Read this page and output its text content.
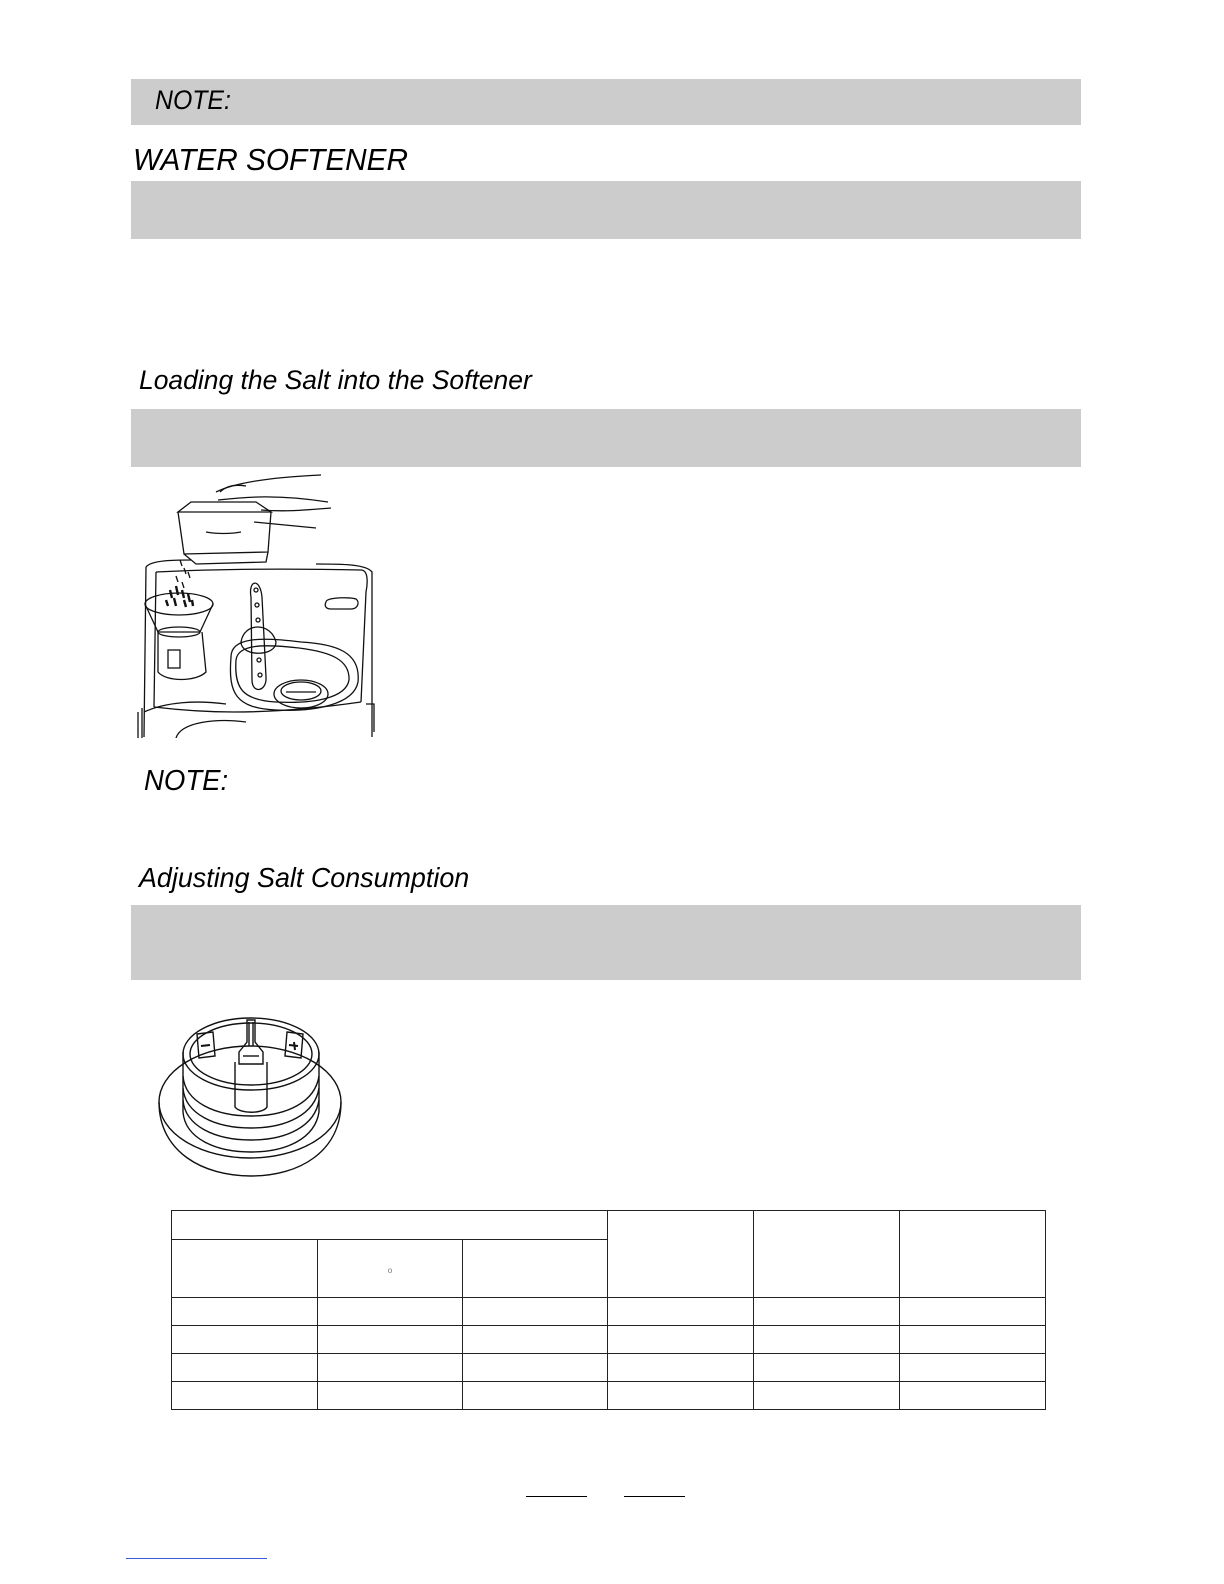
NOTE:
WATER SOFTENER
Loading the Salt into the Softener
NOTE:
Adjusting Salt Consumption

	o				
